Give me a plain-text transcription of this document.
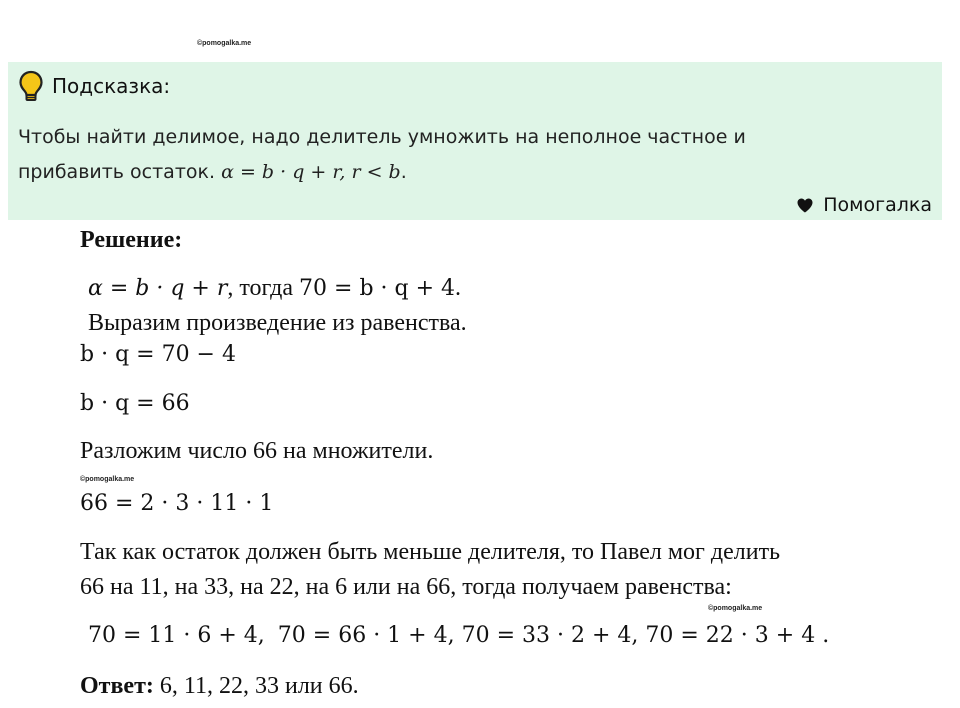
©pomogalka.me
Подсказка:
Чтобы найти делимое, надо делитель умножить на неполное частное и
прибавить остаток. α = b · q + r, r < b.
Помогалка
Решение:
α = b · q + r, тогда 70 = b · q + 4.
Выразим произведение из равенства.
b · q = 70 − 4
b · q = 66
Разложим число 66 на множители.
©pomogalka.me
66 = 2 · 3 · 11 · 1
Так как остаток должен быть меньше делителя, то Павел мог делить
66 на 11, на 33, на 22, на 6 или на 66, тогда получаем равенства:
©pomogalka.me
70 = 11 · 6 + 4, 70 = 66 · 1 + 4, 70 = 33 · 2 + 4, 70 = 22 · 3 + 4 .
Ответ: 6, 11, 22, 33 или 66.
